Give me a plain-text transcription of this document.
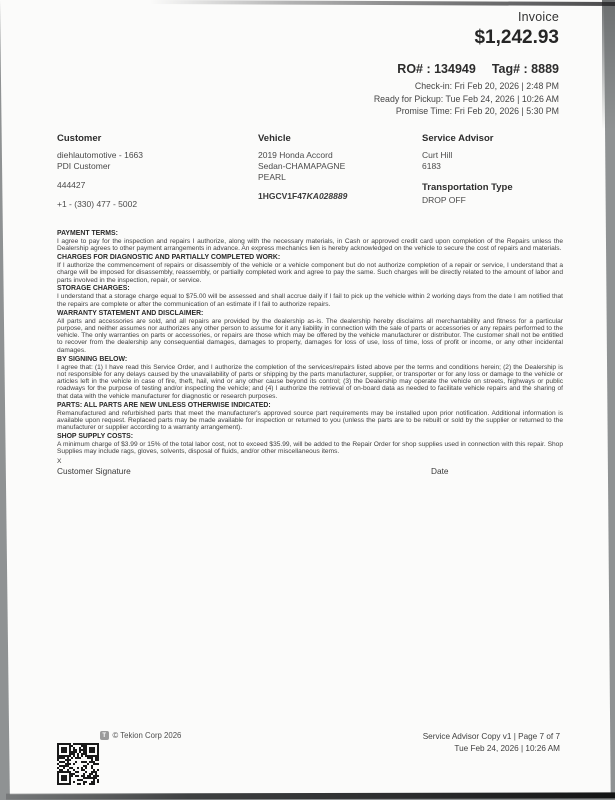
Invoice
$1,242.93
RO# : 134949 Tag# : 8889
Check-in: Fri Feb 20, 2026 | 2:48 PM
Ready for Pickup: Tue Feb 24, 2026 | 10:26 AM
Promise Time: Fri Feb 20, 2026 | 5:30 PM
Customer
diehlautomotive - 1663
PDI Customer
444427
+1 - (330) 477 - 5002
Vehicle
2019 Honda Accord
Sedan-CHAMAPAGNE
PEARL
1HGCV1F47KA028889
Service Advisor
Curt Hill
6183
Transportation Type
DROP OFF
PAYMENT TERMS:
I agree to pay for the inspection and repairs I authorize, along with the necessary materials, in Cash or approved credit card upon completion of the Repairs unless the Dealership agrees to other payment arrangements in advance. An express mechanics lien is hereby acknowledged on the vehicle to secure the cost of repairs and materials.
CHARGES FOR DIAGNOSTIC AND PARTIALLY COMPLETED WORK:
If I authorize the commencement of repairs or disassembly of the vehicle or a vehicle component but do not authorize completion of a repair or service, I understand that a charge will be imposed for disassembly, reassembly, or partially completed work and agree to pay the same. Such charges will be directly related to the amount of labor and parts involved in the inspection, repair, or service.
STORAGE CHARGES:
I understand that a storage charge equal to $75.00 will be assessed and shall accrue daily if I fail to pick up the vehicle within 2 working days from the date I am notified that the repairs are complete or after the communication of an estimate if I fail to authorize repairs.
WARRANTY STATEMENT AND DISCLAIMER:
All parts and accessories are sold, and all repairs are provided by the dealership as-is. The dealership hereby disclaims all merchantability and fitness for a particular purpose, and neither assumes nor authorizes any other person to assume for it any liability in connection with the sale of parts or accessories or any repairs performed to the vehicle. The only warranties on parts or accessories, or repairs are those which may be offered by the vehicle manufacturer or distributor. The customer shall not be entitled to recover from the dealership any consequential damages, damages to property, damages for loss of use, loss of time, loss of profit or income, or any other incidental damages.
BY SIGNING BELOW:
I agree that: (1) I have read this Service Order, and I authorize the completion of the services/repairs listed above per the terms and conditions herein; (2) the Dealership is not responsible for any delays caused by the unavailability of parts or shipping by the parts manufacturer, supplier, or transporter or for any loss or damage to the vehicle or articles left in the vehicle in case of fire, theft, hail, wind or any other cause beyond its control; (3) the Dealership may operate the vehicle on streets, highways or public roadways for the purpose of testing and/or inspecting the vehicle; and (4) I authorize the retrieval of on-board data as needed to facilitate vehicle repairs and the sharing of that data with the vehicle manufacturer for diagnostic or research purposes.
PARTS: ALL PARTS ARE NEW UNLESS OTHERWISE INDICATED:
Remanufactured and refurbished parts that meet the manufacturer's approved source part requirements may be installed upon prior notification. Additional information is available upon request. Replaced parts may be made available for inspection or returned to you (unless the parts are to be rebuilt or sold by the supplier or returned to the manufacturer or supplier according to a warranty arrangement).
SHOP SUPPLY COSTS:
A minimum charge of $3.99 or 15% of the total labor cost, not to exceed $35.99, will be added to the Repair Order for shop supplies used in connection with this repair. Shop Supplies may include rags, gloves, solvents, disposal of fluids, and/or other miscellaneous items.
X
Customer Signature	Date
T © Tekion Corp 2026	Service Advisor Copy v1 | Page 7 of 7
Tue Feb 24, 2026 | 10:26 AM
